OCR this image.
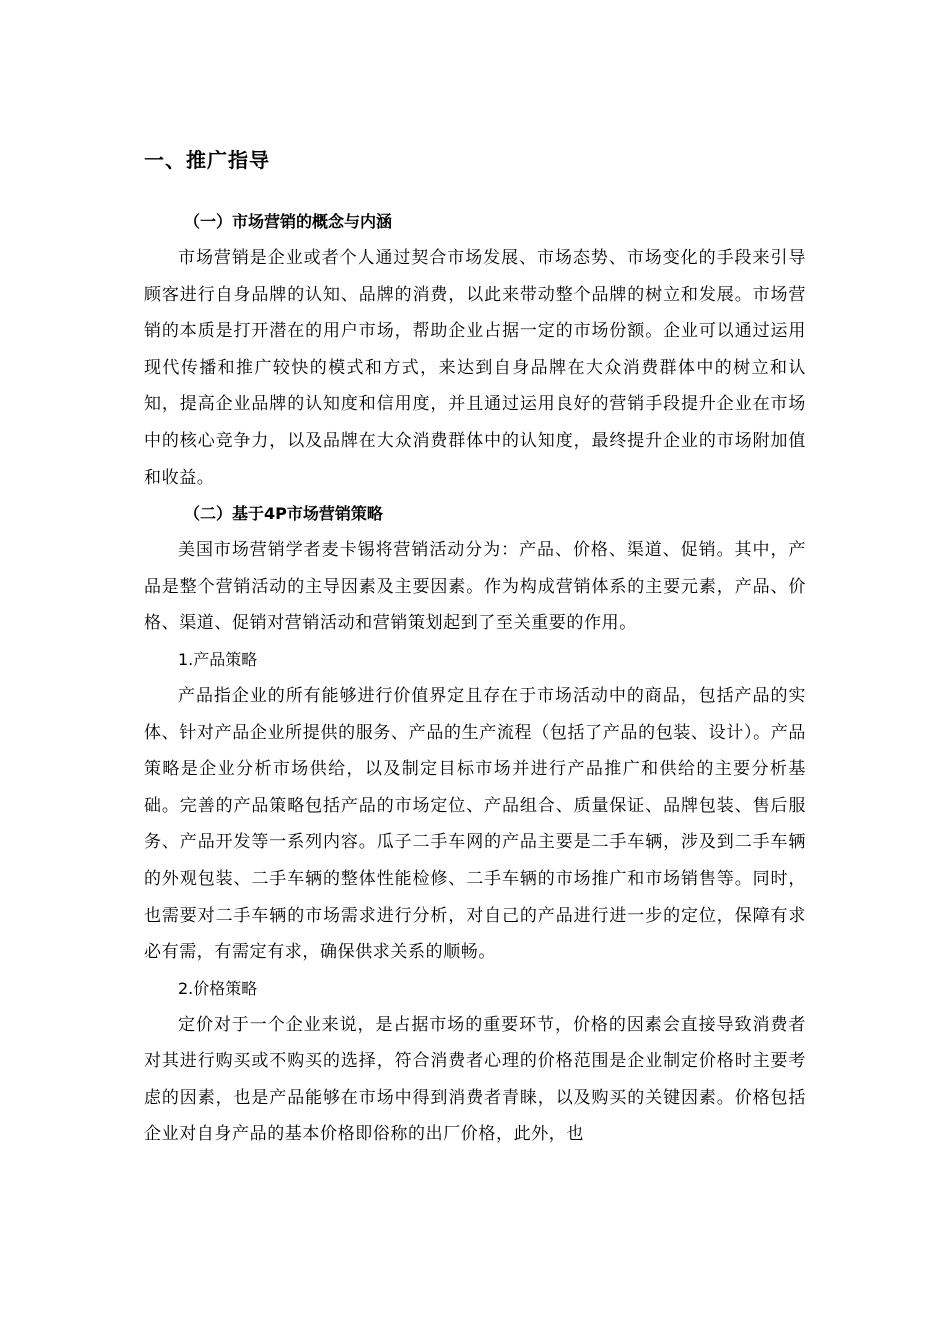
一、推广指导
（一）市场营销的概念与内涵

市场营销是企业或者个人通过契合市场发展、市场态势、市场变化的手段来引导顾客进行自身品牌的认知、品牌的消费，以此来带动整个品牌的树立和发展。市场营销的本质是打开潜在的用户市场，帮助企业占据一定的市场份额。企业可以通过运用现代传播和推广较快的模式和方式，来达到自身品牌在大众消费群体中的树立和认知，提高企业品牌的认知度和信用度，并且通过运用良好的营销手段提升企业在市场中的核心竞争力，以及品牌在大众消费群体中的认知度，最终提升企业的市场附加值和收益。

（二）基于4P市场营销策略

美国市场营销学者麦卡锡将营销活动分为：产品、价格、渠道、促销。其中，产品是整个营销活动的主导因素及主要因素。作为构成营销体系的主要元素，产品、价格、渠道、促销对营销活动和营销策划起到了至关重要的作用。

1.产品策略

产品指企业的所有能够进行价值界定且存在于市场活动中的商品，包括产品的实体、针对产品企业所提供的服务、产品的生产流程（包括了产品的包装、设计）。产品策略是企业分析市场供给，以及制定目标市场并进行产品推广和供给的主要分析基础。完善的产品策略包括产品的市场定位、产品组合、质量保证、品牌包装、售后服务、产品开发等一系列内容。瓜子二手车网的产品主要是二手车辆，涉及到二手车辆的外观包装、二手车辆的整体性能检修、二手车辆的市场推广和市场销售等。同时，也需要对二手车辆的市场需求进行分析，对自己的产品进行进一步的定位，保障有求必有需，有需定有求，确保供求关系的顺畅。

2.价格策略

定价对于一个企业来说，是占据市场的重要环节，价格的因素会直接导致消费者对其进行购买或不购买的选择，符合消费者心理的价格范围是企业制定价格时主要考虑的因素，也是产品能够在市场中得到消费者青睐，以及购买的关键因素。价格包括企业对自身产品的基本价格即俗称的出厂价格，此外，也
